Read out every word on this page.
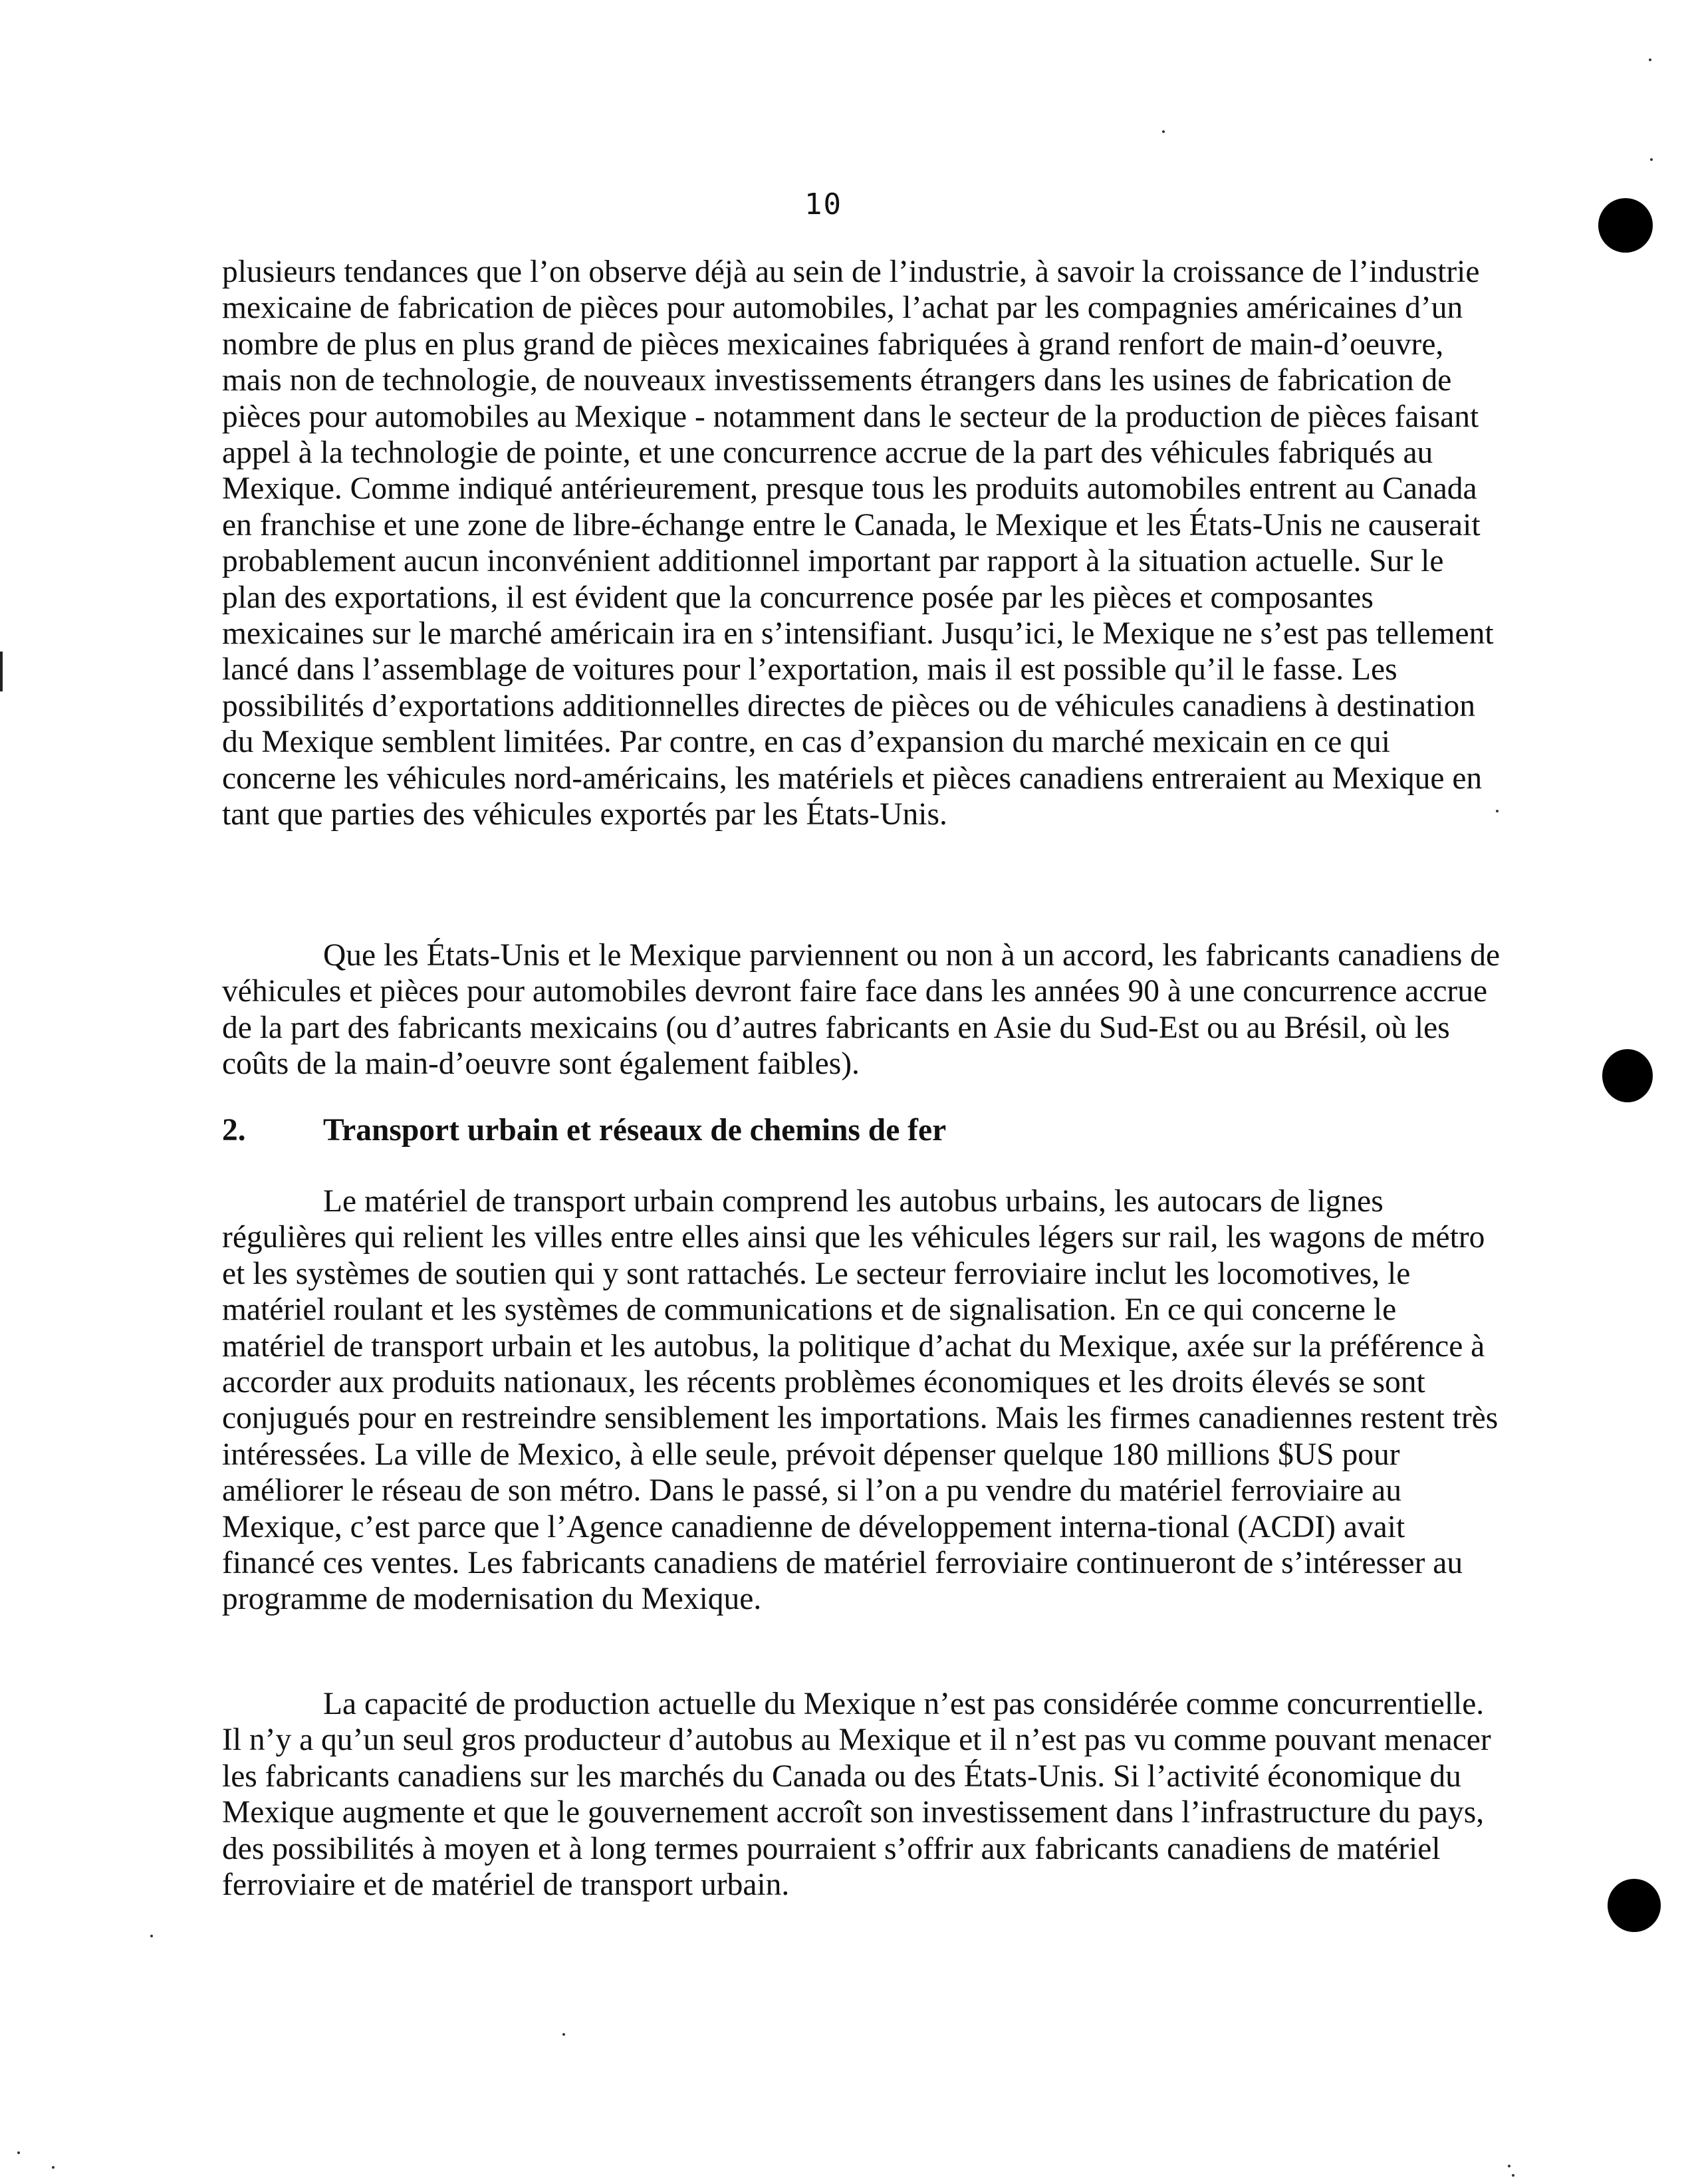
10

plusieurs tendances que l’on observe déjà au sein de l’industrie, à savoir la croissance de l’industrie mexicaine de fabrication de pièces pour automobiles, l’achat par les compagnies américaines d’un nombre de plus en plus grand de pièces mexicaines fabriquées à grand renfort de main-d’oeuvre, mais non de technologie, de nouveaux investissements étrangers dans les usines de fabrication de pièces pour automobiles au Mexique - notamment dans le secteur de la production de pièces faisant appel à la technologie de pointe, et une concurrence accrue de la part des véhicules fabriqués au Mexique. Comme indiqué antérieurement, presque tous les produits automobiles entrent au Canada en franchise et une zone de libre-échange entre le Canada, le Mexique et les États-Unis ne causerait probablement aucun inconvénient additionnel important par rapport à la situation actuelle. Sur le plan des exportations, il est évident que la concurrence posée par les pièces et composantes mexicaines sur le marché américain ira en s’intensifiant. Jusqu’ici, le Mexique ne s’est pas tellement lancé dans l’assemblage de voitures pour l’exportation, mais il est possible qu’il le fasse. Les possibilités d’exportations additionnelles directes de pièces ou de véhicules canadiens à destination du Mexique semblent limitées. Par contre, en cas d’expansion du marché mexicain en ce qui concerne les véhicules nord-américains, les matériels et pièces canadiens entreraient au Mexique en tant que parties des véhicules exportés par les États-Unis.

Que les États-Unis et le Mexique parviennent ou non à un accord, les fabricants canadiens de véhicules et pièces pour automobiles devront faire face dans les années 90 à une concurrence accrue de la part des fabricants mexicains (ou d’autres fabricants en Asie du Sud-Est ou au Brésil, où les coûts de la main-d’oeuvre sont également faibles).

2. Transport urbain et réseaux de chemins de fer

Le matériel de transport urbain comprend les autobus urbains, les autocars de lignes régulières qui relient les villes entre elles ainsi que les véhicules légers sur rail, les wagons de métro et les systèmes de soutien qui y sont rattachés. Le secteur ferroviaire inclut les locomotives, le matériel roulant et les systèmes de communications et de signalisation. En ce qui concerne le matériel de transport urbain et les autobus, la politique d’achat du Mexique, axée sur la préférence à accorder aux produits nationaux, les récents problèmes économiques et les droits élevés se sont conjugués pour en restreindre sensiblement les importations. Mais les firmes canadiennes restent très intéressées. La ville de Mexico, à elle seule, prévoit dépenser quelque 180 millions $US pour améliorer le réseau de son métro. Dans le passé, si l’on a pu vendre du matériel ferroviaire au Mexique, c’est parce que l’Agence canadienne de développement interna-tional (ACDI) avait financé ces ventes. Les fabricants canadiens de matériel ferroviaire continueront de s’intéresser au programme de modernisation du Mexique.

La capacité de production actuelle du Mexique n’est pas considérée comme concurrentielle. Il n’y a qu’un seul gros producteur d’autobus au Mexique et il n’est pas vu comme pouvant menacer les fabricants canadiens sur les marchés du Canada ou des États-Unis. Si l’activité économique du Mexique augmente et que le gouvernement accroît son investissement dans l’infrastructure du pays, des possibilités à moyen et à long termes pourraient s’offrir aux fabricants canadiens de matériel ferroviaire et de matériel de transport urbain.
